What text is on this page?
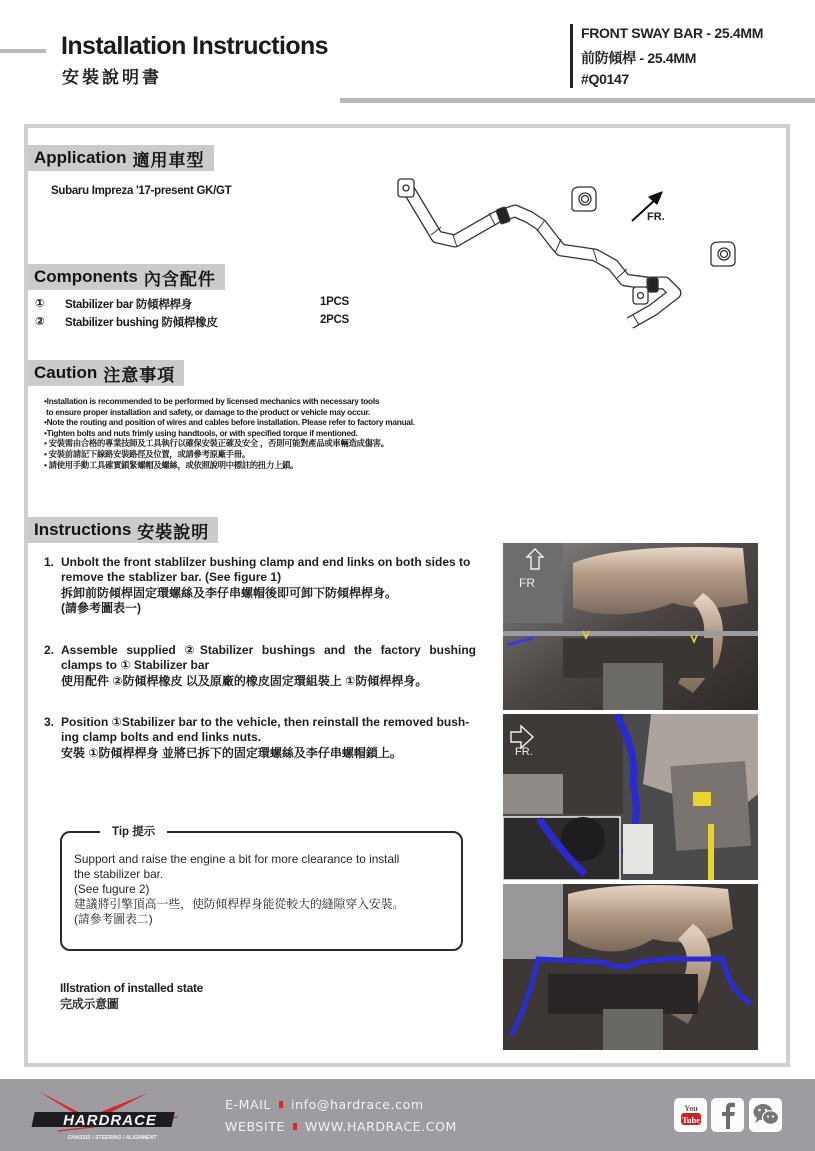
Installation Instructions
安裝說明書
FRONT SWAY BAR - 25.4MM
前防傾桿 - 25.4MM
#Q0147
Application 適用車型
Subaru Impreza '17-present GK/GT
FR.
Components 內含配件
①	Stabilizer bar 防傾桿桿身	1PCS
②	Stabilizer bushing 防傾桿橡皮	2PCS
Caution 注意事項
•Installation is recommended to be performed by licensed mechanics with necessary tools
to ensure proper installation and safety, or damage to the product or vehicle may occur.
•Note the routing and position of wires and cables before installation. Please refer to factory manual.
•Tighten bolts and nuts frimly using handtools, or with specified torque if mentioned.
• 安裝需由合格的專業技師及工具執行以確保安裝正確及安全 ，否則可能對產品或車輛造成傷害。
• 安裝前請記下線路安裝路徑及位置，或請參考原廠手冊。
• 請使用手動工具確實鎖緊螺帽及螺絲，或依照說明中標註的扭力上鎖。
Instructions 安裝說明
1. Unbolt the front stablilzer bushing clamp and end links on both sides to remove the stablizer bar. (See figure 1)
拆卸前防傾桿固定環螺絲及李仔串螺帽後即可卸下防傾桿桿身。
(請參考圖表一)
2. Assemble supplied ②Stabilizer bushings and the factory bushing
clamps to ① Stabilizer bar
使用配件 ②防傾桿橡皮 以及原廠的橡皮固定環組裝上 ①防傾桿桿身。
3. Position ①Stabilizer bar to the vehicle, then reinstall the removed bush-ing clamp bolts and end links nuts.
安裝 ①防傾桿桿身 並將已拆下的固定環螺絲及李仔串螺帽鎖上。
Tip 提示
Support and raise the engine a bit for more clearance to install
the stabilizer bar.
(See fugure 2)
建議將引擎頂高一些，使防傾桿桿身能從較大的縫隙穿入安裝。
(請參考圖表二)
Illstration of installed state
完成示意圖
FR
FR.
HARDRACE
CHASSIS / STEERING / ALIGNMENT
E-MAIL info@hardrace.com
WEBSITE WWW.HARDRACE.COM
You
Tube
